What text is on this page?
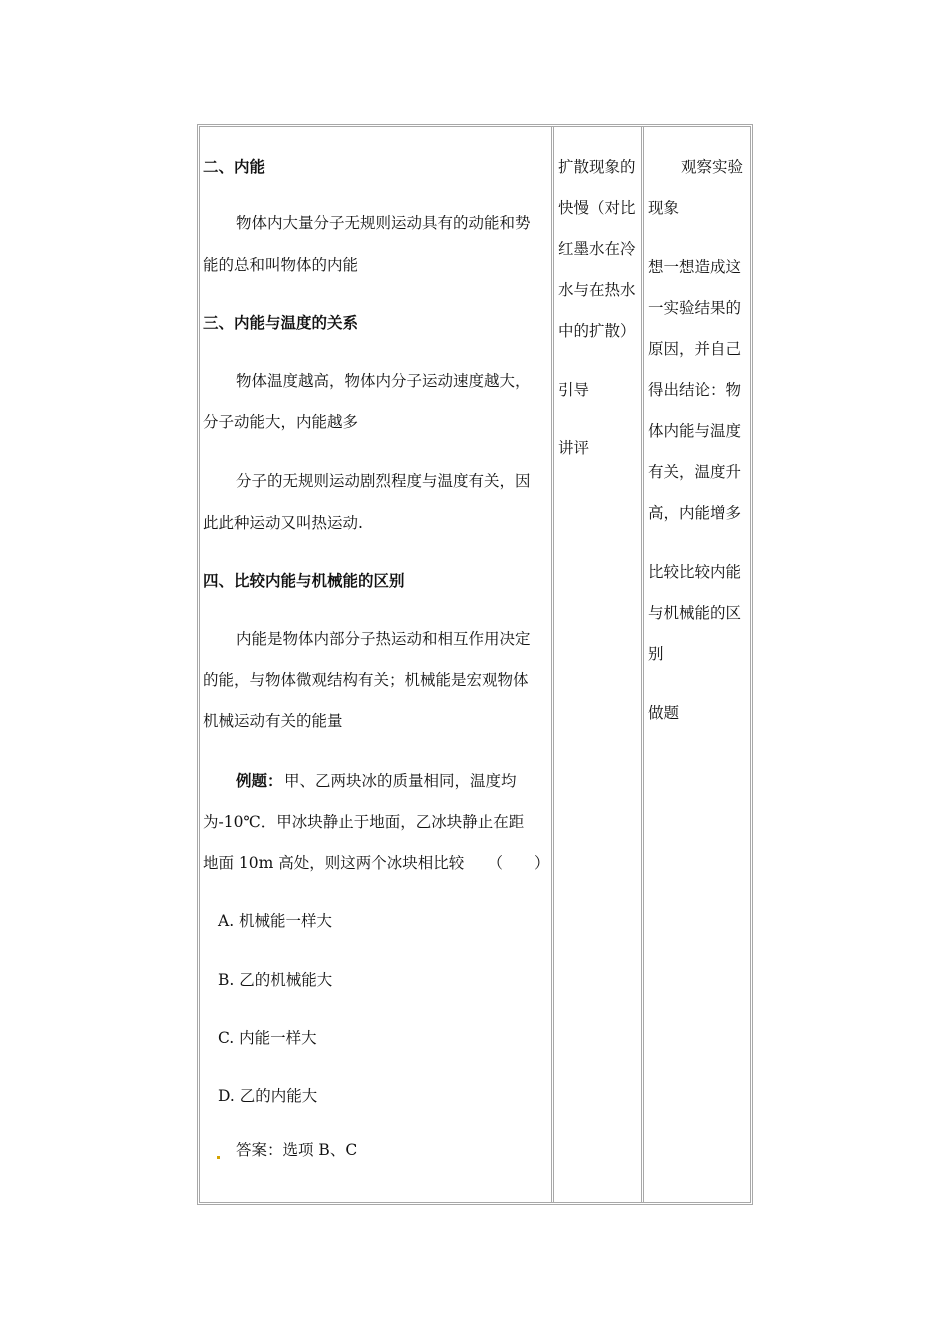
二、内能
物体内大量分子无规则运动具有的动能和势
能的总和叫物体的内能
三、内能与温度的关系
物体温度越高，物体内分子运动速度越大，
分子动能大，内能越多
分子的无规则运动剧烈程度与温度有关，因
此此种运动又叫热运动.
四、比较内能与机械能的区别
内能是物体内部分子热运动和相互作用决定
的能，与物体微观结构有关；机械能是宏观物体
机械运动有关的能量
例题： 甲、乙两块冰的质量相同，温度均
为-10℃．甲冰块静止于地面，乙冰块静止在距
地面 10m 高处，则这两个冰块相比较　　（　　）
A. 机械能一样大
B. 乙的机械能大
C. 内能一样大
D. 乙的内能大
答案：选项 B、C
扩散现象的
快慢（对比
红墨水在冷
水与在热水
中的扩散）
引导
讲评
观察实验
现象
想一想造成这
一实验结果的
原因，并自己
得出结论：物
体内能与温度
有关，温度升
高，内能增多
比较比较内能
与机械能的区
别
做题
